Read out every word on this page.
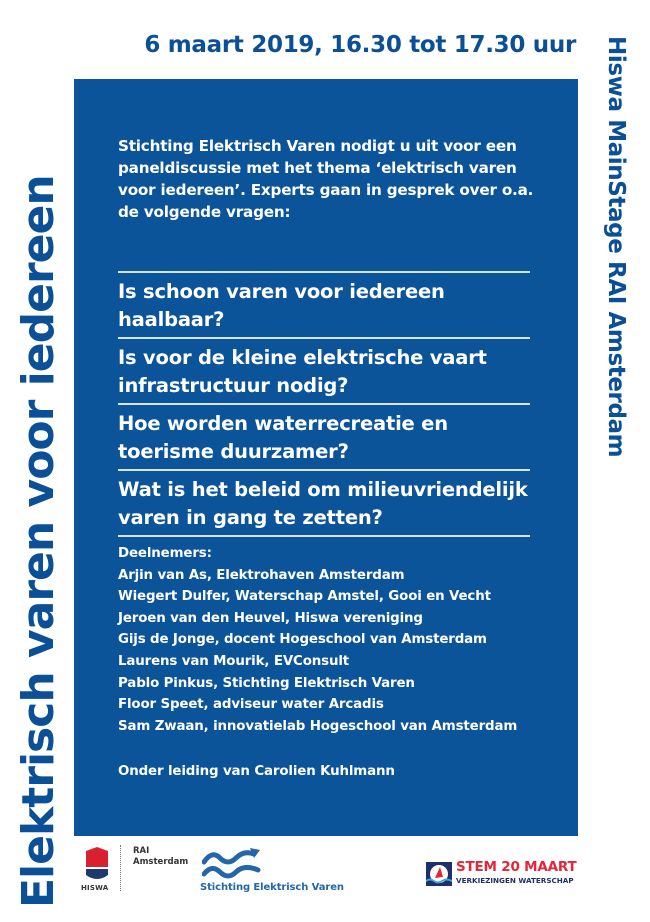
6 maart 2019, 16.30 tot 17.30 uur
Elektrisch varen voor iedereen	Hiswa MainStage RAI Amsterdam
Stichting Elektrisch Varen nodigt u uit voor een
paneldiscussie met het thema ‘elektrisch varen
voor iedereen’. Experts gaan in gesprek over o.a.
de volgende vragen:
Is schoon varen voor iedereen haalbaar?
Is voor de kleine elektrische vaart
infrastructuur nodig?
Hoe worden waterrecreatie en
toerisme duurzamer?
Wat is het beleid om milieuvriendelijk
varen in gang te zetten?
Deelnemers:
Arjin van As, Elektrohaven Amsterdam
Wiegert Dulfer, Waterschap Amstel, Gooi en Vecht
Jeroen van den Heuvel, Hiswa vereniging
Gijs de Jonge, docent Hogeschool van Amsterdam
Laurens van Mourik, EVConsult
Pablo Pinkus, Stichting Elektrisch Varen
Floor Speet, adviseur water Arcadis
Sam Zwaan, innovatielab Hogeschool van Amsterdam
Onder leiding van Carolien Kuhlmann
HISWA
RAI
Amsterdam
Stichting Elektrisch Varen
STEM 20 MAART
VERKIEZINGEN WATERSCHAP
